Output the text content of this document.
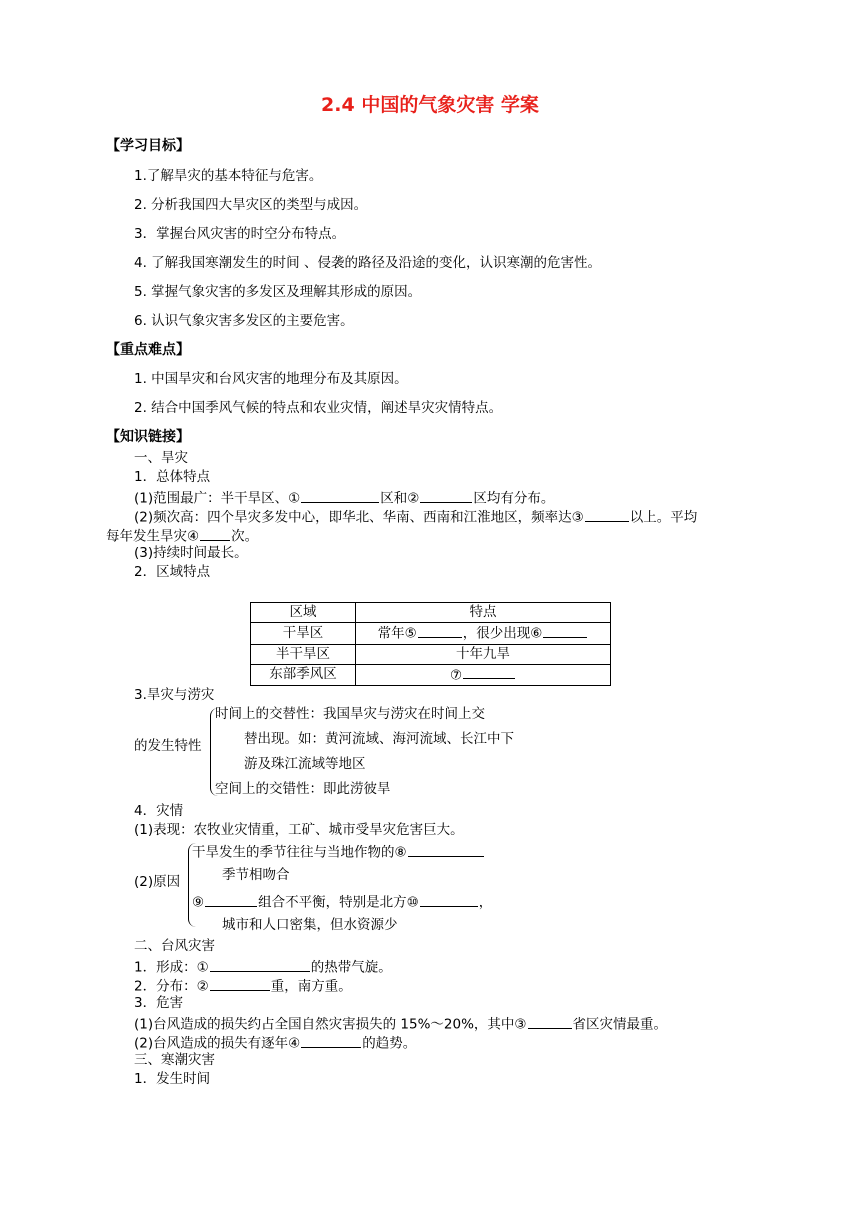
2.4 中国的气象灾害 学案
【学习目标】
1.了解旱灾的基本特征与危害。
2. 分析我国四大旱灾区的类型与成因。
3．掌握台风灾害的时空分布特点。
4. 了解我国寒潮发生的时间 、侵袭的路径及沿途的变化，认识寒潮的危害性。
5. 掌握气象灾害的多发区及理解其形成的原因。
6. 认识气象灾害多发区的主要危害。
【重点难点】
1. 中国旱灾和台风灾害的地理分布及其原因。
2. 结合中国季风气候的特点和农业灾情，阐述旱灾灾情特点。
【知识链接】
一、旱灾
1．总体特点
(1)范围最广：半干旱区、①	区和②	区均有分布。
(2)频次高：四个旱灾多发中心，即华北、华南、西南和江淮地区，频率达③	以上。平均
每年发生旱灾④ 次。
(3)持续时间最长。
2．区域特点
区域	特点
干旱区	常年⑤ ，很少出现⑥
半干旱区	十年九旱
东部季风区	⑦
3.旱灾与涝灾
的发生特性
时间上的交替性：我国旱灾与涝灾在时间上交
替出现。如：黄河流域、海河流域、长江中下
游及珠江流域等地区
空间上的交错性：即此涝彼旱
4．灾情
(1)表现：农牧业灾情重，工矿、城市受旱灾危害巨大。
(2)原因
干旱发生的季节往往与当地作物的⑧
季节相吻合
⑨	组合不平衡，特别是北方⑩	，
城市和人口密集，但水资源少
二、台风灾害
1．形成：①	的热带气旋。
2．分布：②	重，南方重。
3．危害
(1)台风造成的损失约占全国自然灾害损失的 15%～20%，其中③	省区灾情最重。
(2)台风造成的损失有逐年④	的趋势。
三、寒潮灾害
1．发生时间
